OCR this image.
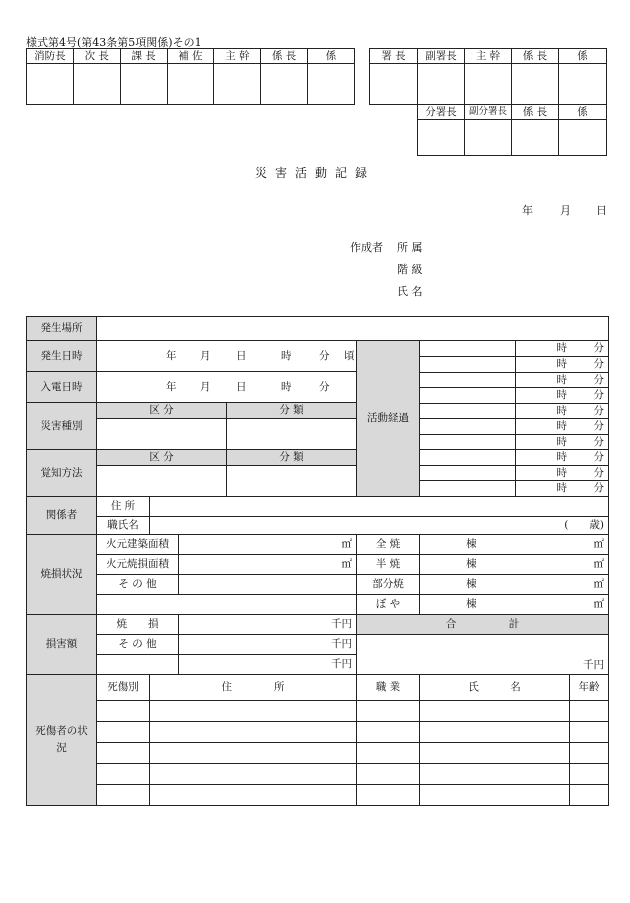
様式第4号(第43条第5項関係)その1
消防長	次 長	課 長	補 佐	主 幹	係 長	係
							署 長	副署長	主 幹	係 長	係

	分署長	副分署長	係 長	係

災害活動記録
年 月 日
作成者 所 属
階 級
氏 名
発生場所	
発生日時	年 月 日	時	分 頃
	活動経過	

時	分

時	分

時	分

時	分

時	分

時	分

時	分

時	分

時	分

時	分

入電日時	年 月 日	時	分

災害種別	区 分	分 類

覚知方法	区 分	分 類

関係者	住 所	
職氏名	(　　歳)
焼損状況	火元建築面積	㎡	全 焼	棟	㎡

火元焼損面積	㎡	半 焼	棟	㎡

そ の 他		部分焼	棟	㎡

	ぼ や	棟	㎡

損害額	焼　　損	千円	合　　　　　計
そ の 他	千円	千円
	千円
死傷者の状況	死傷別	住　　　　所	職 業	氏　　　名	年齢
